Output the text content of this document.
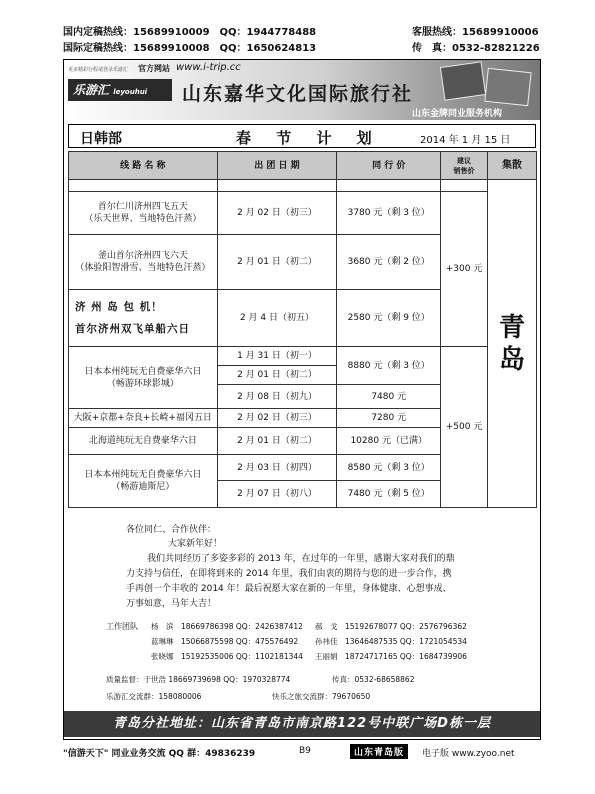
国内定稿热线：15689910009　QQ：1944778488	客服热线：15689910006
国际定稿热线：15689910008　QQ：1650624813	传　真：0532-82821226
更多精彩行程请登录乐游汇 官方网站 www.i-trip.cc
乐游汇 leyouhui	山东嘉华文化国际旅行社
山东金牌同业服务机构
日韩部	春 节 计 划	2014 年 1 月 15 日
线 路 名 称	出 团 日 期	同 行 价	建议
销售价	集散
				青
岛
首尔仁川济州四飞五天
（乐天世界、当地特色汗蒸）	2 月 02 日（初三）	3780 元（剩 3 位）	+300 元	
釜山首尔济州四飞六天
（体验阳智滑雪、当地特色汗蒸）	2 月 01 日（初二）	3680 元（剩 2 位）		
济 州 岛 包 机！
首尔济州双飞单船六日	2 月 4 日（初五）	2580 元（剩 9 位）		
日本本州纯玩无自费豪华六日
（畅游环球影城）	1 月 31 日（初一）	8880 元（剩 3 位）	+500 元	
	2 月 01 日（初二）			
	2 月 08 日（初九）	7480 元		
大阪+京都+奈良+长崎+福冈五日	2 月 02 日（初三）	7280 元		
北海道纯玩无自费豪华六日	2 月 01 日（初二）	10280 元（已满）		
日本本州纯玩无自费豪华六日
（畅游迪斯尼）	2 月 03 日（初四）	8580 元（剩 3 位）		
	2 月 07 日（初八）	7480 元（剩 5 位）		
各位同仁、合作伙伴：
大家新年好！
我们共同经历了多姿多彩的 2013 年，在过年的一年里，感谢大家对我们的鼎
力支持与信任，在即将到来的 2014 年里，我们由衷的期待与您的进一步合作，携
手再创一个丰收的 2014 年！最后祝愿大家在新的一年里，身体健康、心想事成、
万事如意，马年大吉！
工作团队 杨　滨　18669786398 QQ：2426387412 郝　戈　15192678077 QQ：2576796362
蓝琳琳　15066875598 QQ：475576492 孙祎佳　13646487535 QQ：1721054534
张晓娜　15192535006 QQ：1102181344 王丽娟　18724717165 QQ：1684739906
质量监督：于世浩 18669739698 QQ：1970328774	传真：0532-68658862
乐游汇交流群：158080006	快乐之旅交流群：79670650
青岛分社地址：山东省青岛市南京路122号中联广场D栋一层
"信游天下" 同业业务交流 QQ 群：49836239	B9	山东青岛版	电子版 www.zyoo.net
